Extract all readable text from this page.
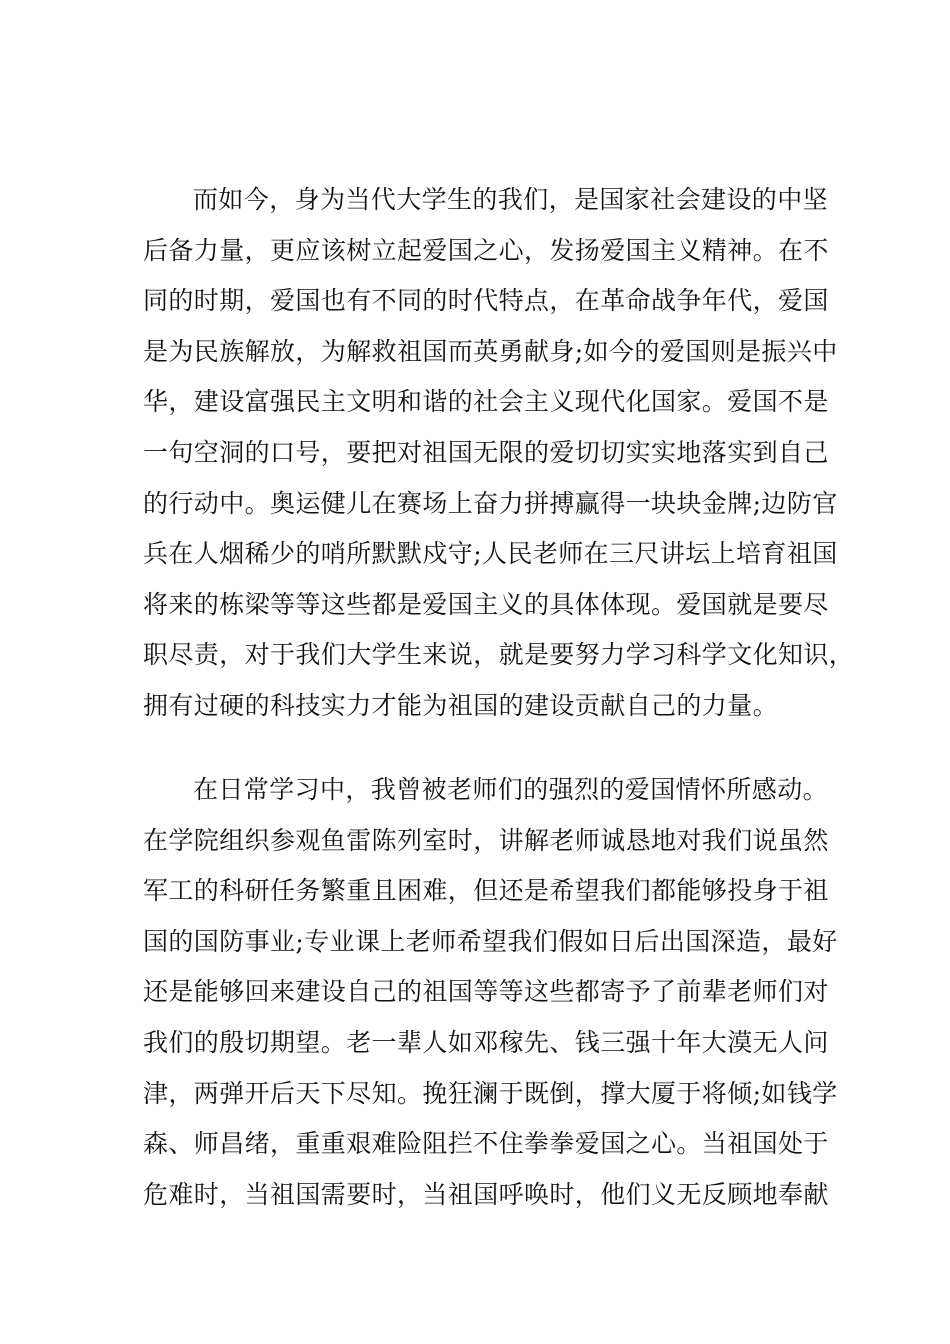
而如今，身为当代大学生的我们，是国家社会建设的中坚
后备力量，更应该树立起爱国之心，发扬爱国主义精神。在不
同的时期，爱国也有不同的时代特点，在革命战争年代，爱国
是为民族解放，为解救祖国而英勇献身;如今的爱国则是振兴中
华，建设富强民主文明和谐的社会主义现代化国家。爱国不是
一句空洞的口号，要把对祖国无限的爱切切实实地落实到自己
的行动中。奥运健儿在赛场上奋力拼搏赢得一块块金牌;边防官
兵在人烟稀少的哨所默默戍守;人民老师在三尺讲坛上培育祖国
将来的栋梁等等这些都是爱国主义的具体体现。爱国就是要尽
职尽责，对于我们大学生来说，就是要努力学习科学文化知识，
拥有过硬的科技实力才能为祖国的建设贡献自己的力量。
在日常学习中，我曾被老师们的强烈的爱国情怀所感动。
在学院组织参观鱼雷陈列室时，讲解老师诚恳地对我们说虽然
军工的科研任务繁重且困难，但还是希望我们都能够投身于祖
国的国防事业;专业课上老师希望我们假如日后出国深造，最好
还是能够回来建设自己的祖国等等这些都寄予了前辈老师们对
我们的殷切期望。老一辈人如邓稼先、钱三强十年大漠无人问
津，两弹开后天下尽知。挽狂澜于既倒，撑大厦于将倾;如钱学
森、师昌绪，重重艰难险阻拦不住拳拳爱国之心。当祖国处于
危难时，当祖国需要时，当祖国呼唤时，他们义无反顾地奉献
